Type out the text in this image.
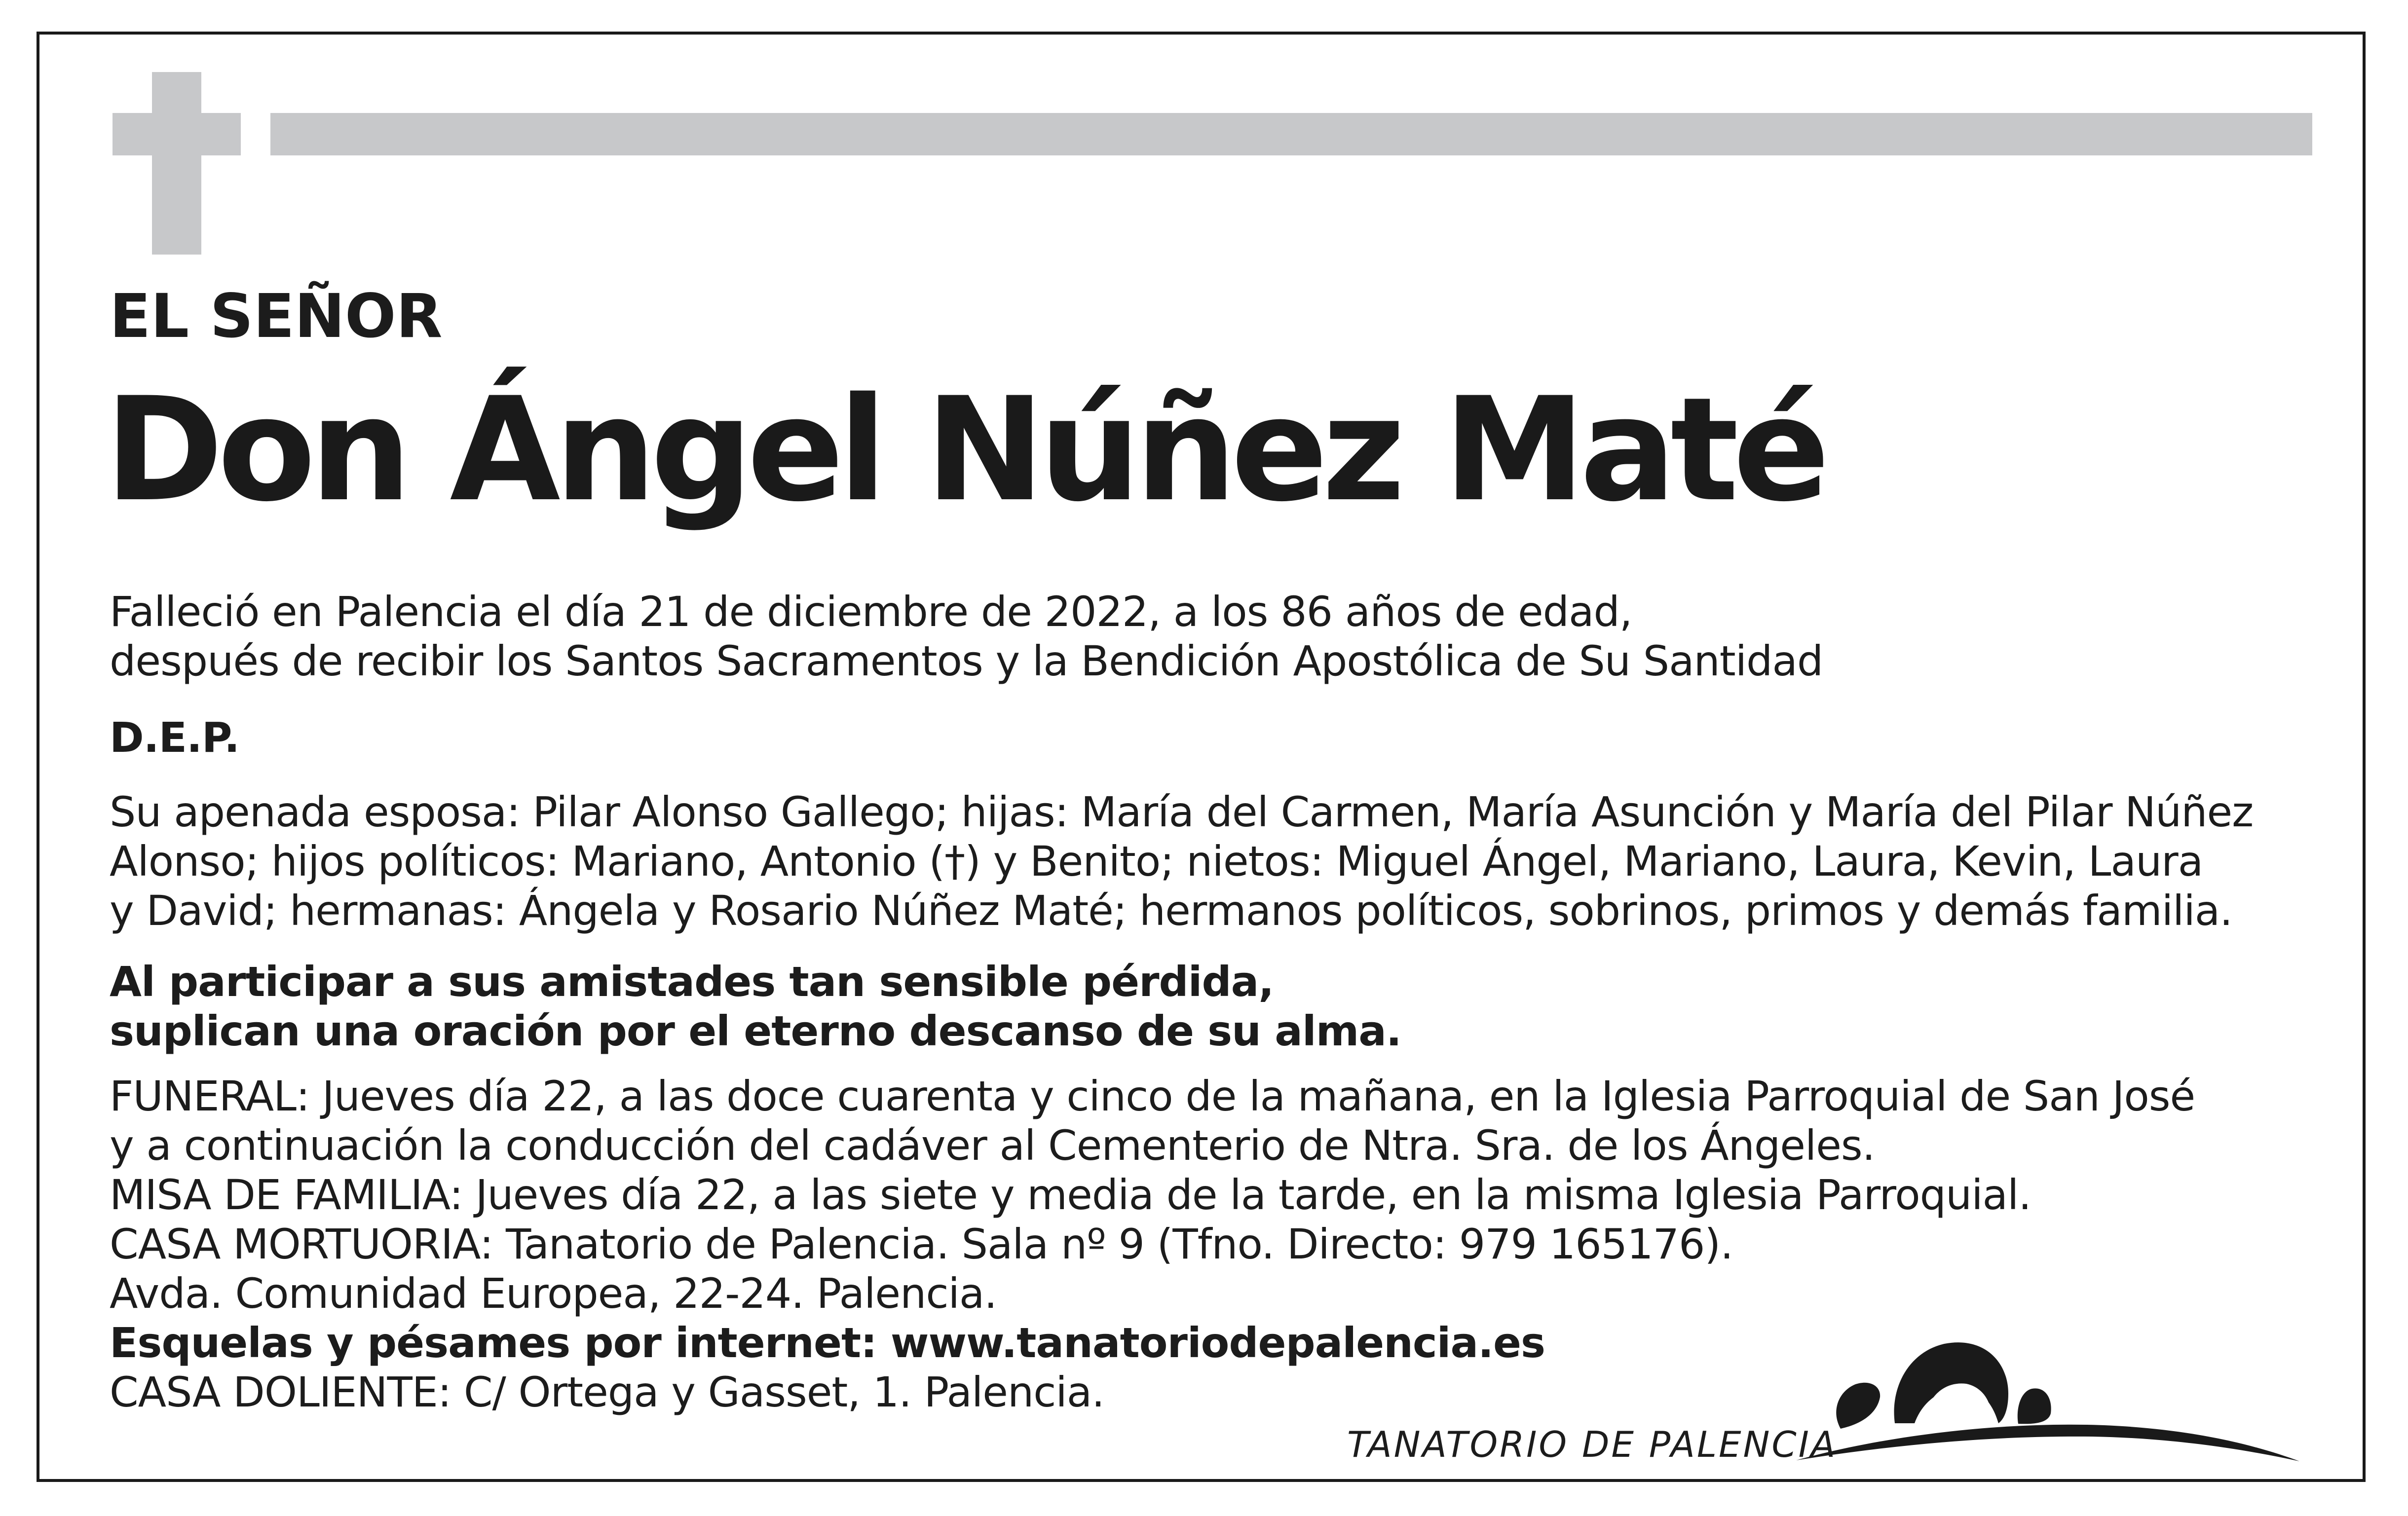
EL SEÑOR
Don Ángel Núñez Maté
Falleció en Palencia el día 21 de diciembre de 2022, a los 86 años de edad,
después de recibir los Santos Sacramentos y la Bendición Apostólica de Su Santidad
D.E.P.
Su apenada esposa: Pilar Alonso Gallego; hijas: María del Carmen, María Asunción y María del Pilar Núñez
Alonso; hijos políticos: Mariano, Antonio (†) y Benito; nietos: Miguel Ángel, Mariano, Laura, Kevin, Laura
y David; hermanas: Ángela y Rosario Núñez Maté; hermanos políticos, sobrinos, primos y demás familia.
Al participar a sus amistades tan sensible pérdida,
suplican una oración por el eterno descanso de su alma.
FUNERAL: Jueves día 22, a las doce cuarenta y cinco de la mañana, en la Iglesia Parroquial de San José
y a continuación la conducción del cadáver al Cementerio de Ntra. Sra. de los Ángeles.
MISA DE FAMILIA: Jueves día 22, a las siete y media de la tarde, en la misma Iglesia Parroquial.
CASA MORTUORIA: Tanatorio de Palencia. Sala nº 9 (Tfno. Directo: 979 165176).
Avda. Comunidad Europea, 22-24. Palencia.
Esquelas y pésames por internet: www.tanatoriodepalencia.es
CASA DOLIENTE: C/ Ortega y Gasset, 1. Palencia.
TANATORIO DE PALENCIA
